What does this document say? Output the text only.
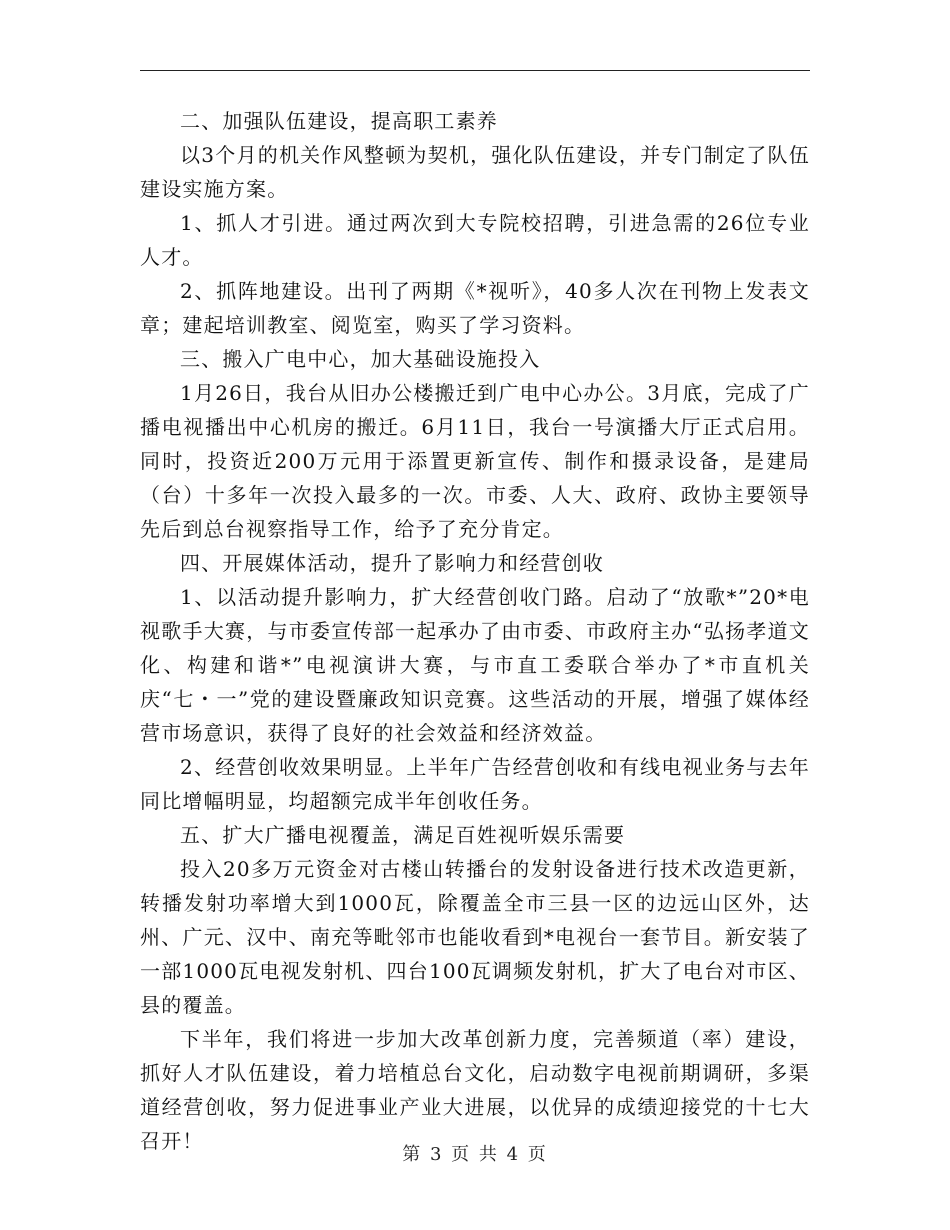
二、加强队伍建设，提高职工素养

以3个月的机关作风整顿为契机，强化队伍建设，并专门制定了队伍建设实施方案。

1、抓人才引进。通过两次到大专院校招聘，引进急需的26位专业人才。

2、抓阵地建设。出刊了两期《*视听》，40多人次在刊物上发表文章；建起培训教室、阅览室，购买了学习资料。

三、搬入广电中心，加大基础设施投入

1月26日，我台从旧办公楼搬迁到广电中心办公。3月底，完成了广播电视播出中心机房的搬迁。6月11日，我台一号演播大厅正式启用。同时，投资近200万元用于添置更新宣传、制作和摄录设备，是建局（台）十多年一次投入最多的一次。市委、人大、政府、政协主要领导先后到总台视察指导工作，给予了充分肯定。

四、开展媒体活动，提升了影响力和经营创收

1、以活动提升影响力，扩大经营创收门路。启动了“放歌*”20*电视歌手大赛，与市委宣传部一起承办了由市委、市政府主办“弘扬孝道文化、构建和谐*”电视演讲大赛，与市直工委联合举办了*市直机关庆“七・一”党的建设暨廉政知识竞赛。这些活动的开展，增强了媒体经营市场意识，获得了良好的社会效益和经济效益。

2、经营创收效果明显。上半年广告经营创收和有线电视业务与去年同比增幅明显，均超额完成半年创收任务。

五、扩大广播电视覆盖，满足百姓视听娱乐需要

投入20多万元资金对古楼山转播台的发射设备进行技术改造更新，转播发射功率增大到1000瓦，除覆盖全市三县一区的边远山区外，达州、广元、汉中、南充等毗邻市也能收看到*电视台一套节目。新安装了一部1000瓦电视发射机、四台100瓦调频发射机，扩大了电台对市区、县的覆盖。

下半年，我们将进一步加大改革创新力度，完善频道（率）建设，抓好人才队伍建设，着力培植总台文化，启动数字电视前期调研，多渠道经营创收，努力促进事业产业大进展，以优异的成绩迎接党的十七大召开！

第 3 页 共 4 页
